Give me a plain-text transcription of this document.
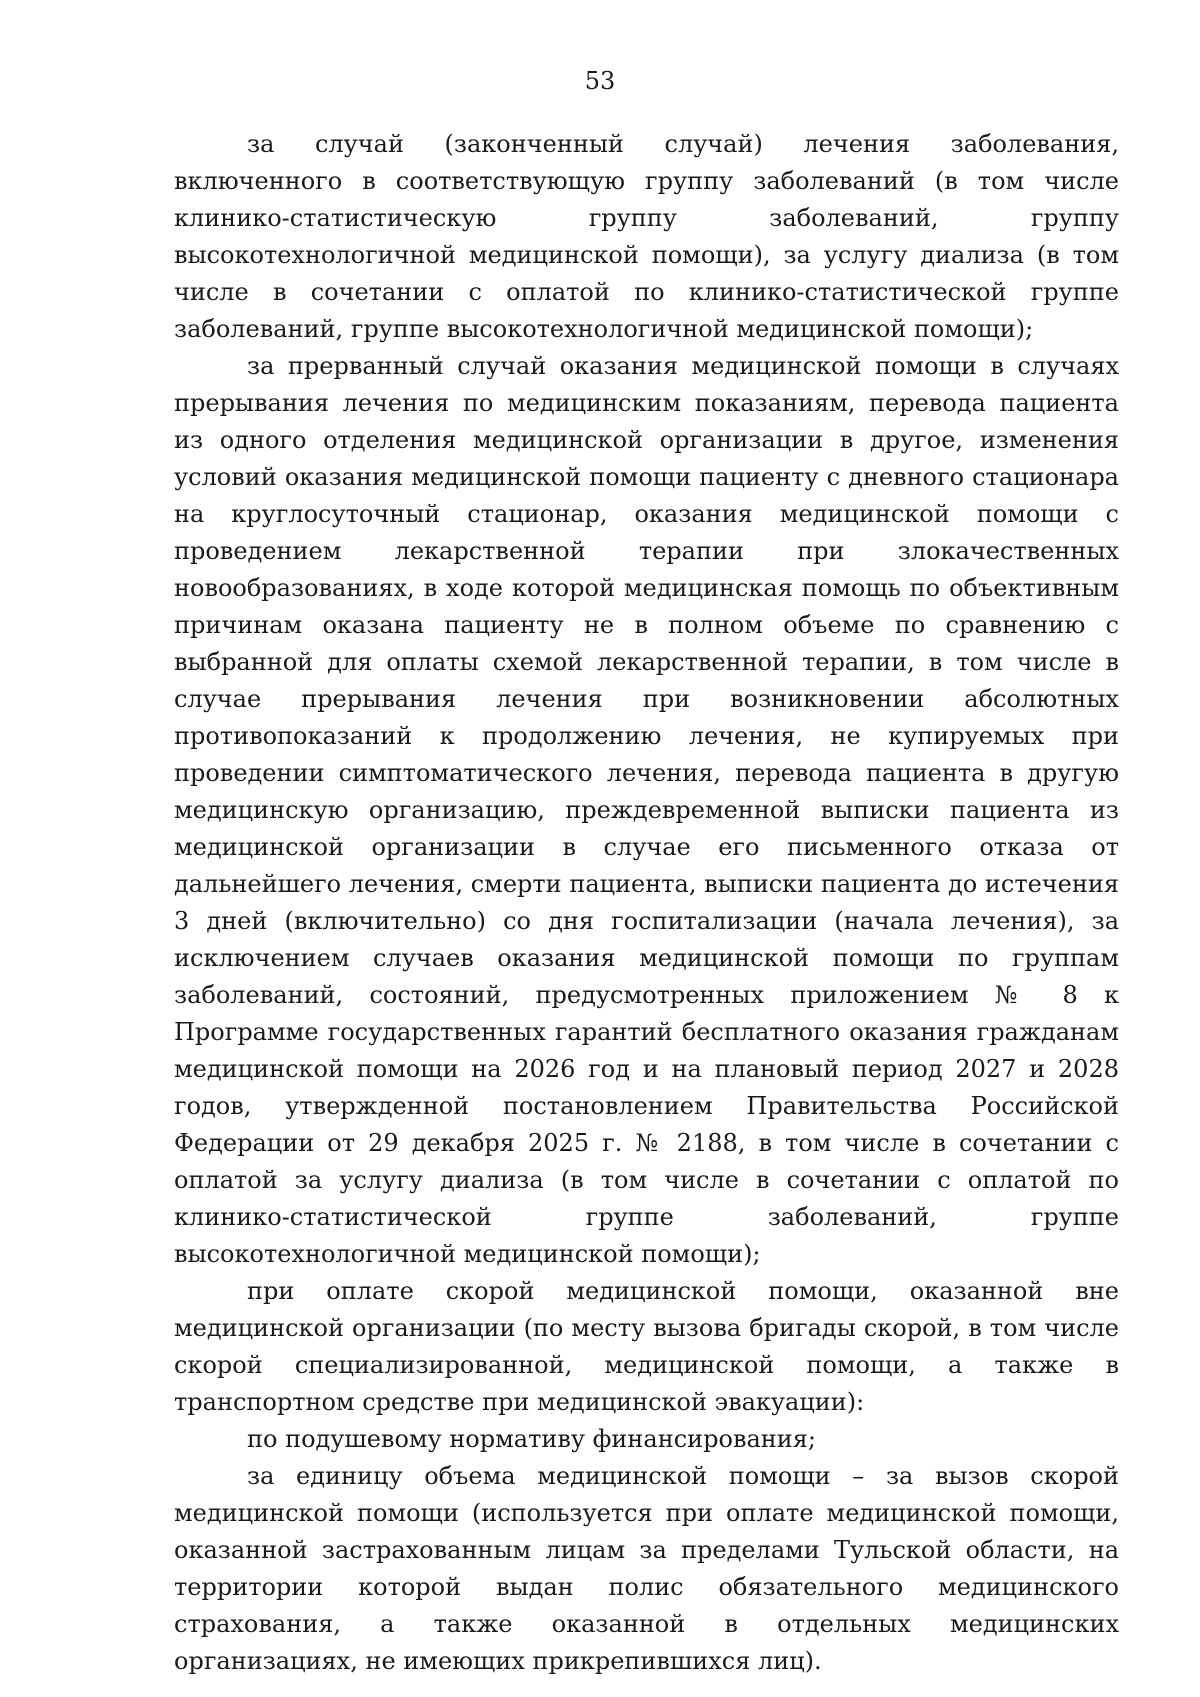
53

за случай (законченный случай) лечения заболевания, включенного в соответствующую группу заболеваний (в том числе клинико-статистическую группу заболеваний, группу высокотехнологичной медицинской помощи), за услугу диализа (в том числе в сочетании с оплатой по клинико-статистической группе заболеваний, группе высокотехнологичной медицинской помощи);

за прерванный случай оказания медицинской помощи в случаях прерывания лечения по медицинским показаниям, перевода пациента из одного отделения медицинской организации в другое, изменения условий оказания медицинской помощи пациенту с дневного стационара на круглосуточный стационар, оказания медицинской помощи с проведением лекарственной терапии при злокачественных новообразованиях, в ходе которой медицинская помощь по объективным причинам оказана пациенту не в полном объеме по сравнению с выбранной для оплаты схемой лекарственной терапии, в том числе в случае прерывания лечения при возникновении абсолютных противопоказаний к продолжению лечения, не купируемых при проведении симптоматического лечения, перевода пациента в другую медицинскую организацию, преждевременной выписки пациента из медицинской организации в случае его письменного отказа от дальнейшего лечения, смерти пациента, выписки пациента до истечения 3 дней (включительно) со дня госпитализации (начала лечения), за исключением случаев оказания медицинской помощи по группам заболеваний, состояний, предусмотренных приложением № 8 к Программе государственных гарантий бесплатного оказания гражданам медицинской помощи на 2026 год и на плановый период 2027 и 2028 годов, утвержденной постановлением Правительства Российской Федерации от 29 декабря 2025 г. № 2188, в том числе в сочетании с оплатой за услугу диализа (в том числе в сочетании с оплатой по клинико-статистической группе заболеваний, группе высокотехнологичной медицинской помощи);

при оплате скорой медицинской помощи, оказанной вне медицинской организации (по месту вызова бригады скорой, в том числе скорой специализированной, медицинской помощи, а также в транспортном средстве при медицинской эвакуации):

по подушевому нормативу финансирования;

за единицу объема медицинской помощи – за вызов скорой медицинской помощи (используется при оплате медицинской помощи, оказанной застрахованным лицам за пределами Тульской области, на территории которой выдан полис обязательного медицинского страхования, а также оказанной в отдельных медицинских организациях, не имеющих прикрепившихся лиц).
